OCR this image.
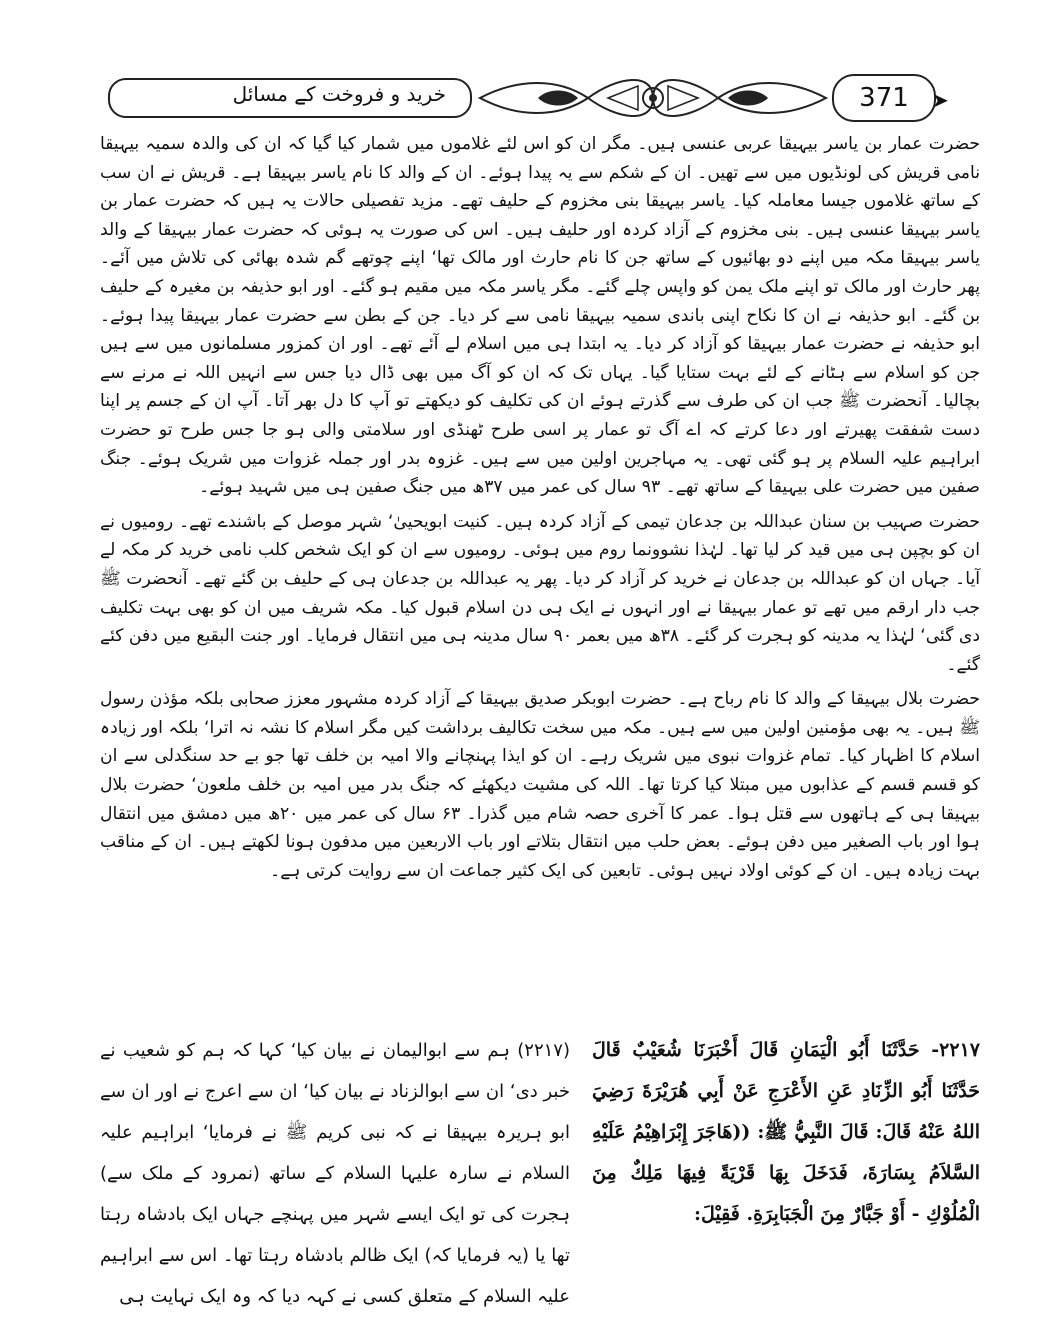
خرید و فروخت کے مسائل	371	➤

حضرت عمار بن یاسر بیہیقا عربی عنسی ہیں۔ مگر ان کو اس لئے غلاموں میں شمار کیا گیا کہ ان کی والدہ سمیہ بیہیقا نامی قریش کی لونڈیوں میں سے تھیں۔ ان کے شکم سے یہ پیدا ہوئے۔ ان کے والد کا نام یاسر بیہیقا ہے۔ قریش نے ان سب کے ساتھ غلاموں جیسا معاملہ کیا۔ یاسر بیہیقا بنی مخزوم کے حلیف تھے۔ مزید تفصیلی حالات یہ ہیں کہ حضرت عمار بن یاسر بیہیقا عنسی ہیں۔ بنی مخزوم کے آزاد کردہ اور حلیف ہیں۔ اس کی صورت یہ ہوئی کہ حضرت عمار بیہیقا کے والد یاسر بیہیقا مکہ میں اپنے دو بھائیوں کے ساتھ جن کا نام حارث اور مالک تھا‘ اپنے چوتھے گم شدہ بھائی کی تلاش میں آئے۔ پھر حارث اور مالک تو اپنے ملک یمن کو واپس چلے گئے۔ مگر یاسر مکہ میں مقیم ہو گئے۔ اور ابو حذیفہ بن مغیرہ کے حلیف بن گئے۔ ابو حذیفہ نے ان کا نکاح اپنی باندی سمیہ بیہیقا نامی سے کر دیا۔ جن کے بطن سے حضرت عمار بیہیقا پیدا ہوئے۔ ابو حذیفہ نے حضرت عمار بیہیقا کو آزاد کر دیا۔ یہ ابتدا ہی میں اسلام لے آئے تھے۔ اور ان کمزور مسلمانوں میں سے ہیں جن کو اسلام سے ہٹانے کے لئے بہت ستایا گیا۔ یہاں تک کہ ان کو آگ میں بھی ڈال دیا جس سے انہیں اللہ نے مرنے سے بچالیا۔ آنحضرت ﷺ جب ان کی طرف سے گذرتے ہوئے ان کی تکلیف کو دیکھتے تو آپ کا دل بھر آتا۔ آپ ان کے جسم پر اپنا دست شفقت پھیرتے اور دعا کرتے کہ اے آگ تو عمار پر اسی طرح ٹھنڈی اور سلامتی والی ہو جا جس طرح تو حضرت ابراہیم علیہ السلام پر ہو گئی تھی۔ یہ مہاجرین اولین میں سے ہیں۔ غزوہ بدر اور جملہ غزوات میں شریک ہوئے۔ جنگ صفین میں حضرت علی بیہیقا کے ساتھ تھے۔ ۹۳ سال کی عمر میں ۳۷ھ میں جنگ صفین ہی میں شہید ہوئے۔

حضرت صہیب بن سنان عبداللہ بن جدعان تیمی کے آزاد کردہ ہیں۔ کنیت ابویحییٰ‘ شہر موصل کے باشندے تھے۔ رومیوں نے ان کو بچپن ہی میں قید کر لیا تھا۔ لہٰذا نشوونما روم میں ہوئی۔ رومیوں سے ان کو ایک شخص کلب نامی خرید کر مکہ لے آیا۔ جہاں ان کو عبداللہ بن جدعان نے خرید کر آزاد کر دیا۔ پھر یہ عبداللہ بن جدعان ہی کے حلیف بن گئے تھے۔ آنحضرت ﷺ جب دار ارقم میں تھے تو عمار بیہیقا نے اور انہوں نے ایک ہی دن اسلام قبول کیا۔ مکہ شریف میں ان کو بھی بہت تکلیف دی گئی‘ لہٰذا یہ مدینہ کو ہجرت کر گئے۔ ۳۸ھ میں بعمر ۹۰ سال مدینہ ہی میں انتقال فرمایا۔ اور جنت البقیع میں دفن کئے گئے۔

حضرت بلال بیہیقا کے والد کا نام رباح ہے۔ حضرت ابوبکر صدیق بیہیقا کے آزاد کردہ مشہور معزز صحابی بلکہ مؤذن رسول ﷺ ہیں۔ یہ بھی مؤمنین اولین میں سے ہیں۔ مکہ میں سخت تکالیف برداشت کیں مگر اسلام کا نشہ نہ اترا‘ بلکہ اور زیادہ اسلام کا اظہار کیا۔ تمام غزوات نبوی میں شریک رہے۔ ان کو ایذا پہنچانے والا امیہ بن خلف تھا جو بے حد سنگدلی سے ان کو قسم قسم کے عذابوں میں مبتلا کیا کرتا تھا۔ اللہ کی مشیت دیکھئے کہ جنگ بدر میں امیہ بن خلف ملعون‘ حضرت بلال بیہیقا ہی کے ہاتھوں سے قتل ہوا۔ عمر کا آخری حصہ شام میں گذرا۔ ۶۳ سال کی عمر میں ۲۰ھ میں دمشق میں انتقال ہوا اور باب الصغیر میں دفن ہوئے۔ بعض حلب میں انتقال بتلاتے اور باب الاربعین میں مدفون ہونا لکھتے ہیں۔ ان کے مناقب بہت زیادہ ہیں۔ ان کے کوئی اولاد نہیں ہوئی۔ تابعین کی ایک کثیر جماعت ان سے روایت کرتی ہے۔

۲۲۱۷- حَدَّثَنَا أَبُو الْيَمَانِ قَالَ أَخْبَرَنَا شُعَيْبٌ قَالَ حَدَّثَنَا أَبُو الزِّنَادِ عَنِ الأَعْرَجِ عَنْ أَبِي هُرَيْرَةَ رَضِيَ اللهُ عَنْهُ قَالَ: قَالَ النَّبِيُّ ﷺ: ((هَاجَرَ إِبْرَاهِيْمُ عَلَيْهِ السَّلاَمُ بِسَارَةَ، فَدَخَلَ بِهَا قَرْيَةً فِيهَا مَلِكٌ مِنَ الْمُلُوْكِ - أَوْ جَبَّارٌ مِنَ الْجَبَابِرَةِ. فَقِيْلَ:
(۲۲۱۷) ہم سے ابوالیمان نے بیان کیا‘ کہا کہ ہم کو شعیب نے خبر دی‘ ان سے ابوالزناد نے بیان کیا‘ ان سے اعرج نے اور ان سے ابو ہریرہ بیہیقا نے کہ نبی کریم ﷺ نے فرمایا‘ ابراہیم علیہ السلام نے سارہ علیہا السلام کے ساتھ (نمرود کے ملک سے) ہجرت کی تو ایک ایسے شہر میں پہنچے جہاں ایک بادشاہ رہتا تھا یا (یہ فرمایا کہ) ایک ظالم بادشاہ رہتا تھا۔ اس سے ابراہیم علیہ السلام کے متعلق کسی نے کہہ دیا کہ وہ ایک نہایت ہی
